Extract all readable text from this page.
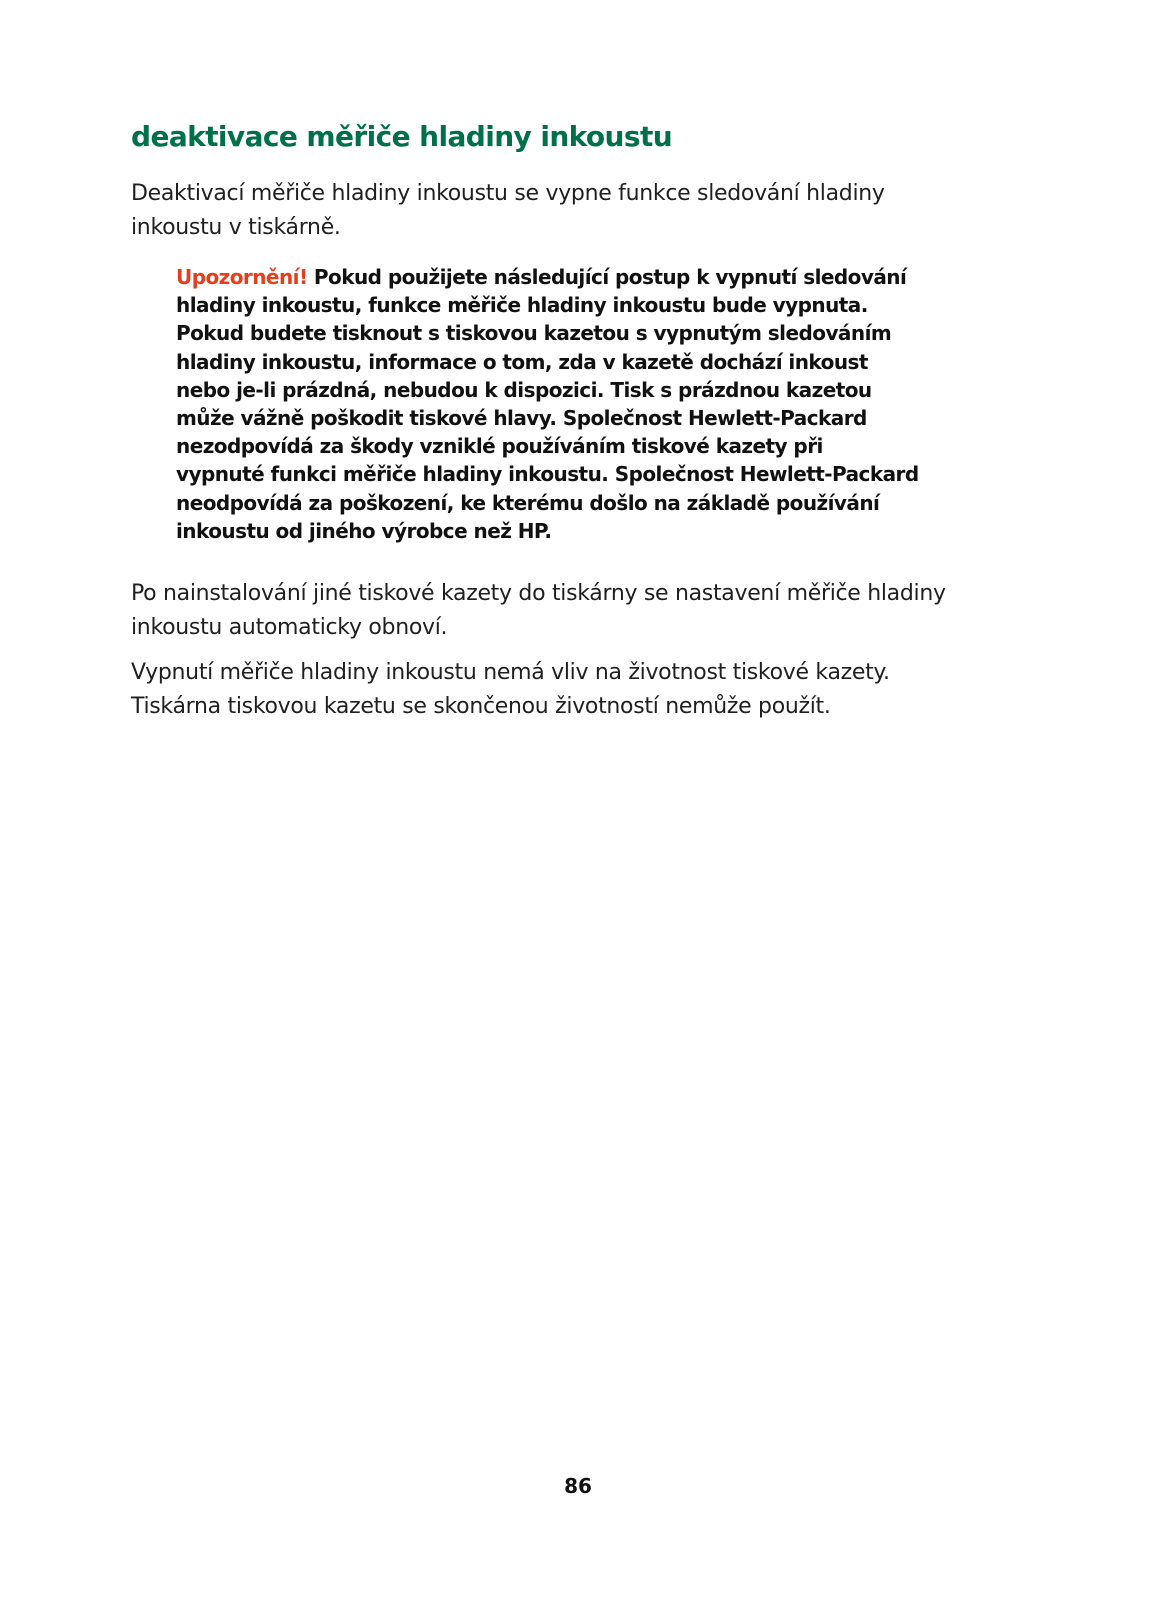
deaktivace měřiče hladiny inkoustu

Deaktivací měřiče hladiny inkoustu se vypne funkce sledování hladiny
inkoustu v tiskárně.

Upozornění! Pokud použijete následující postup k vypnutí sledování
hladiny inkoustu, funkce měřiče hladiny inkoustu bude vypnuta.
Pokud budete tisknout s tiskovou kazetou s vypnutým sledováním
hladiny inkoustu, informace o tom, zda v kazetě dochází inkoust
nebo je-li prázdná, nebudou k dispozici. Tisk s prázdnou kazetou
může vážně poškodit tiskové hlavy. Společnost Hewlett-Packard
nezodpovídá za škody vzniklé používáním tiskové kazety při
vypnuté funkci měřiče hladiny inkoustu. Společnost Hewlett-Packard
neodpovídá za poškození, ke kterému došlo na základě používání
inkoustu od jiného výrobce než HP.

Po nainstalování jiné tiskové kazety do tiskárny se nastavení měřiče hladiny
inkoustu automaticky obnoví.

Vypnutí měřiče hladiny inkoustu nemá vliv na životnost tiskové kazety.
Tiskárna tiskovou kazetu se skončenou životností nemůže použít.

86
